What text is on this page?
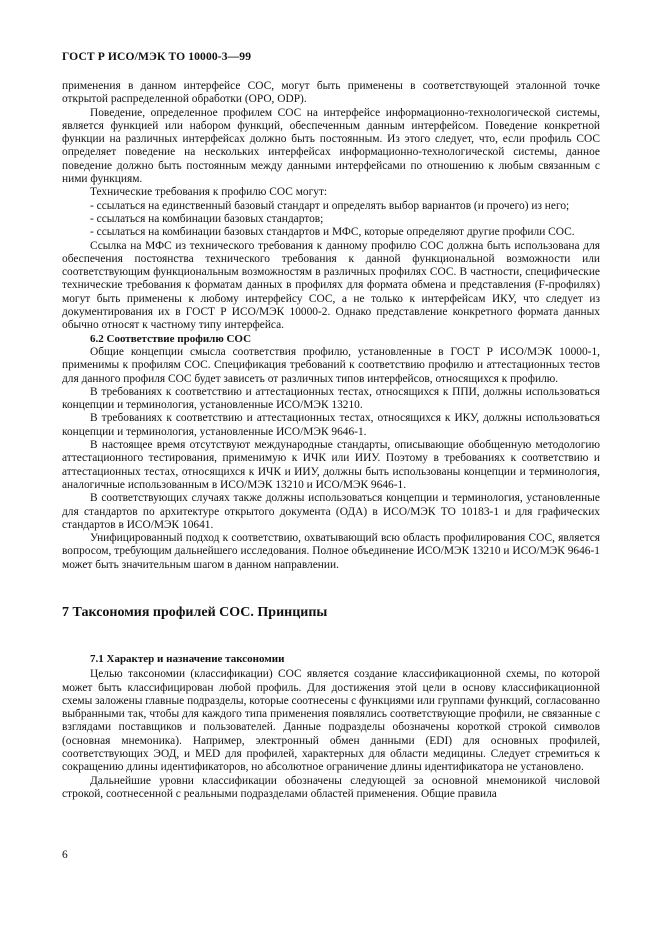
ГОСТ Р ИСО/МЭК ТО 10000-3—99

применения в данном интерфейсе СОС, могут быть применены в соответствующей эталонной точке открытой распределенной обработки (ОРО, ODP).

Поведение, определенное профилем СОС на интерфейсе информационно-технологической системы, является функцией или набором функций, обеспеченным данным интерфейсом. Поведение конкретной функции на различных интерфейсах должно быть постоянным. Из этого следует, что, если профиль СОС определяет поведение на нескольких интерфейсах информационно-технологической системы, данное поведение должно быть постоянным между данными интерфейсами по отношению к любым связанным с ними функциям.

Технические требования к профилю СОС могут:

- ссылаться на единственный базовый стандарт и определять выбор вариантов (и прочего) из него;

- ссылаться на комбинации базовых стандартов;

- ссылаться на комбинации базовых стандартов и МФС, которые определяют другие профили СОС.

Ссылка на МФС из технического требования к данному профилю СОС должна быть использована для обеспечения постоянства технического требования к данной функциональной возможности или соответствующим функциональным возможностям в различных профилях СОС. В частности, специфические технические требования к форматам данных в профилях для формата обмена и представления (F-профилях) могут быть применены к любому интерфейсу СОС, а не только к интерфейсам ИКУ, что следует из документирования их в ГОСТ Р ИСО/МЭК 10000-2. Однако представление конкретного формата данных обычно относят к частному типу интерфейса.

6.2 Соответствие профилю СОС

Общие концепции смысла соответствия профилю, установленные в ГОСТ Р ИСО/МЭК 10000-1, применимы к профилям СОС. Спецификация требований к соответствию профилю и аттестационных тестов для данного профиля СОС будет зависеть от различных типов интерфейсов, относящихся к профилю.

В требованиях к соответствию и аттестационных тестах, относящихся к ППИ, должны использоваться концепции и терминология, установленные ИСО/МЭК 13210.

В требованиях к соответствию и аттестационных тестах, относящихся к ИКУ, должны использоваться концепции и терминология, установленные ИСО/МЭК 9646-1.

В настоящее время отсутствуют международные стандарты, описывающие обобщенную методологию аттестационного тестирования, применимую к ИЧК или ИИУ. Поэтому в требованиях к соответствию и аттестационных тестах, относящихся к ИЧК и ИИУ, должны быть использованы концепции и терминология, аналогичные использованным в ИСО/МЭК 13210 и ИСО/МЭК 9646-1.

В соответствующих случаях также должны использоваться концепции и терминология, установленные для стандартов по архитектуре открытого документа (ОДА) в ИСО/МЭК ТО 10183-1 и для графических стандартов в ИСО/МЭК 10641.

Унифицированный подход к соответствию, охватывающий всю область профилирования СОС, является вопросом, требующим дальнейшего исследования. Полное объединение ИСО/МЭК 13210 и ИСО/МЭК 9646-1 может быть значительным шагом в данном направлении.

7 Таксономия профилей СОС. Принципы

7.1 Характер и назначение таксономии

Целью таксономии (классификации) СОС является создание классификационной схемы, по которой может быть классифицирован любой профиль. Для достижения этой цели в основу классификационной схемы заложены главные подразделы, которые соотнесены с функциями или группами функций, согласованно выбранными так, чтобы для каждого типа применения появлялись соответствующие профили, не связанные с взглядами поставщиков и пользователей. Данные подразделы обозначены короткой строкой символов (основная мнемоника). Например, электронный обмен данными (EDI) для основных профилей, соответствующих ЭОД, и MED для профилей, характерных для области медицины. Следует стремиться к сокращению длины идентификаторов, но абсолютное ограничение длины идентификатора не установлено.

Дальнейшие уровни классификации обозначены следующей за основной мнемоникой числовой строкой, соотнесенной с реальными подразделами областей применения. Общие правила

6
